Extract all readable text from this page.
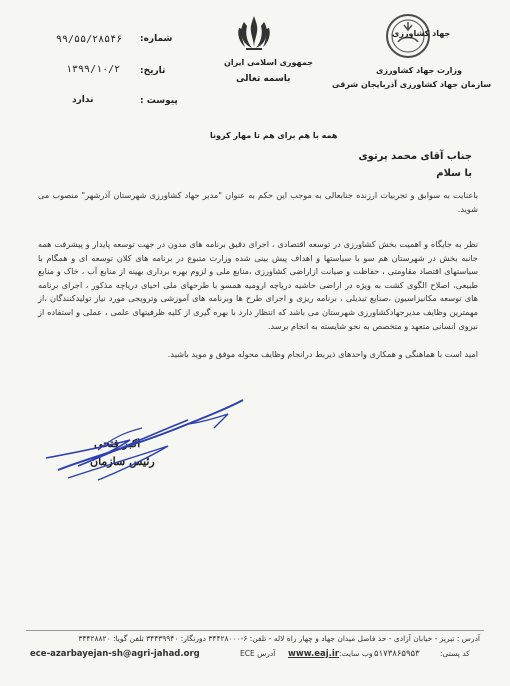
شماره:
۹۹/۵۵/۲۸۵۴۶
تاریخ:
۱۳۹۹/۱۰/۲
پیوست :
ندارد
جمهوری اسلامی ایران
باسمه تعالی
جهاد کشاورزی
وزارت جهاد کشاورزی
سازمان جهاد کشاورزی آذربایجان شرقی
همه با هم برای هم تا مهار کرونا
جناب آقای محمد پرتوی
با سلام

باعنایت به سوابق و تجربیات ارزنده جنابعالی به موجب این حکم به عنوان "مدیر جهاد کشاورزی شهرستان آذرشهر" منصوب می شوید.

نظر به جایگاه و اهمیت بخش کشاورزی در توسعه اقتصادی ، اجرای دقیق برنامه های مدون در جهت توسعه پایدار و پیشرفت همه جانبه بخش در شهرستان هم سو با سیاستها و اهداف پیش بینی شده وزارت متبوع در برنامه های کلان توسعه ای و همگام با سیاستهای اقتصاد مقاومتی ، حفاظت و صیانت ازاراضی کشاورزی ،منابع ملی و لزوم بهره برداری بهینه از منابع آب ، خاک و منابع طبیعی، اصلاح الگوی کشت به ویژه در اراضی حاشیه دریاچه ارومیه همسو با طرحهای ملی احیای دریاچه مذکور ، اجرای برنامه های توسعه مکانیزاسیون ،صنایع تبدیلی ، برنامه ریزی و اجرای طرح ها وبرنامه های آموزشی وترویجی مورد نیاز تولیدکنندگان ،از مهمترین وظایف مدیرجهادکشاورزی شهرستان می باشد که انتظار دارد با بهره گیری از کلیه ظرفیتهای علمی ، عملی و استفاده از نیروی انسانی متعهد و متخصص به نحو شایسته به انجام برسد.

امید است با هماهنگی و همکاری واحدهای ذیربط درانجام وظایف محوله موفق و موید باشید.

اکبر فتحی
رئیس سازمان
آدرس : تبریز - خیابان آزادی - حد فاصل میدان جهاد و چهار راه لاله - تلفن: ۶-۳۴۴۲۸۰۰۰ دورنگار: ۳۴۴۳۹۹۴۰ تلفن گویا: ۳۴۴۲۸۸۲۰
ece-azarbayejan-sh@agri-jahad.org	آدرس ECE www.eaj.ir وب سایت: ۵۱۷۳۸۶۵۹۵۳	کد پستی:
